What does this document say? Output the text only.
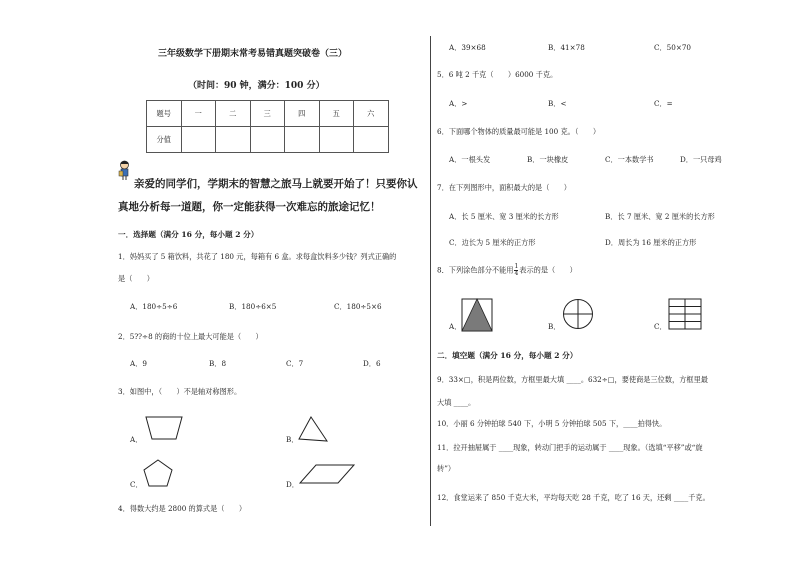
三年级数学下册期末常考易错真题突破卷（三）
（时间：90 钟，满分：100 分）
题号	一	二	三	四	五	六
分值						
亲爱的同学们，学期末的智慧之旅马上就要开始了！只要你认
真地分析每一道题，你一定能获得一次难忘的旅途记忆！
一．选择题（满分 16 分，每小题 2 分）
1．妈妈买了 5 箱饮料，共花了 180 元，每箱有 6 盒。求每盒饮料多少钱？列式正确的
是（　　）
A．180÷5÷6	B．180÷6×5	C．180÷5×6
2．5??÷8 的商的十位上最大可能是（　　）
A．9	B．8	C．7	D．6
3．如图中，（　　）不是轴对称图形。
A．	B．
C．	D．
4．得数大约是 2800 的算式是（　　）
A．39×68	B．41×78	C．50×70
5．6 吨 2 千克（　　）6000 千克。
A．>	B．<	C．=
6．下面哪个物体的质量最可能是 100 克。（　　）
A．一根头发	B．一块橡皮	C．一本数学书	D．一只母鸡
7．在下列图形中，面积最大的是（　　）
A．长 5 厘米、宽 3 厘米的长方形	B．长 7 厘米、宽 2 厘米的长方形
C．边长为 5 厘米的正方形	D．周长为 16 厘米的正方形
8．下列涂色部分不能用 $\frac{1}{4}$ 表示的是（　　）
A．	B．	C．
二．填空题（满分 16 分，每小题 2 分）
9．33×□，积是两位数，方框里最大填 ____。632÷□，要使商是三位数，方框里最
大填 ____。
10．小丽 6 分钟拍球 540 下，小明 5 分钟拍球 505 下，____拍得快。
11．拉开抽屉属于 ____现象，转动门把手的运动属于 ____现象。（选填“平移”或“旋
转”）
12．食堂运来了 850 千克大米，平均每天吃 28 千克，吃了 16 天，还剩 ____千克。
